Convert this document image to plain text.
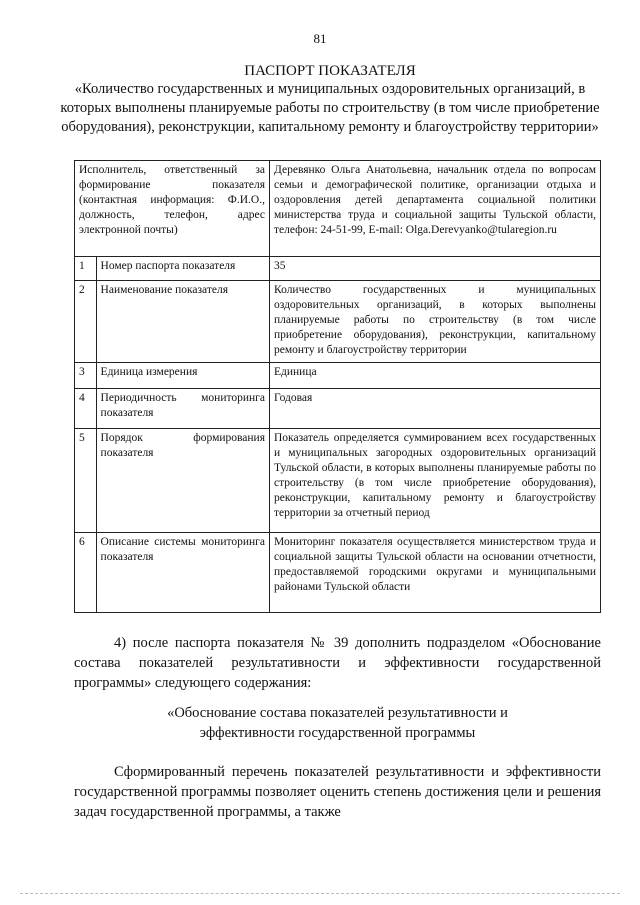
81
ПАСПОРТ ПОКАЗАТЕЛЯ
«Количество государственных и муниципальных оздоровительных организаций, в которых выполнены планируемые работы по строительству (в том числе приобретение оборудования), реконструкции, капитальному ремонту и благоустройству территории»
Исполнитель, ответственный за формирование показателя (контактная информация: Ф.И.О., должность, телефон, адрес электронной почты)		Деревянко Ольга Анатольевна, начальник отдела по вопросам семьи и демографической политике, организации отдыха и оздоровления детей департамента социальной политики министерства труда и социальной защиты Тульской области, телефон: 24-51-99, E-mail: Olga.Derevyanko@tularegion.ru
1	Номер паспорта показателя	35
2	Наименование показателя	Количество государственных и муниципальных оздоровительных организаций, в которых выполнены планируемые работы по строительству (в том числе приобретение оборудования), реконструкции, капитальному ремонту и благоустройству территории
3	Единица измерения	Единица
4	Периодичность мониторинга показателя	Годовая
5	Порядок формирования показателя	Показатель определяется суммированием всех государственных и муниципальных загородных оздоровительных организаций Тульской области, в которых выполнены планируемые работы по строительству (в том числе приобретение оборудования), реконструкции, капитальному ремонту и благоустройству территории за отчетный период
6	Описание системы мониторинга показателя	Мониторинг показателя осуществляется министерством труда и социальной защиты Тульской области на основании отчетности, предоставляемой городскими округами и муниципальными районами Тульской области
4) после паспорта показателя № 39 дополнить подразделом «Обоснование состава показателей результативности и эффективности государственной программы» следующего содержания:
«Обоснование состава показателей результативности и эффективности государственной программы
Сформированный перечень показателей результативности и эффективности государственной программы позволяет оценить степень достижения цели и решения задач государственной программы, а также
